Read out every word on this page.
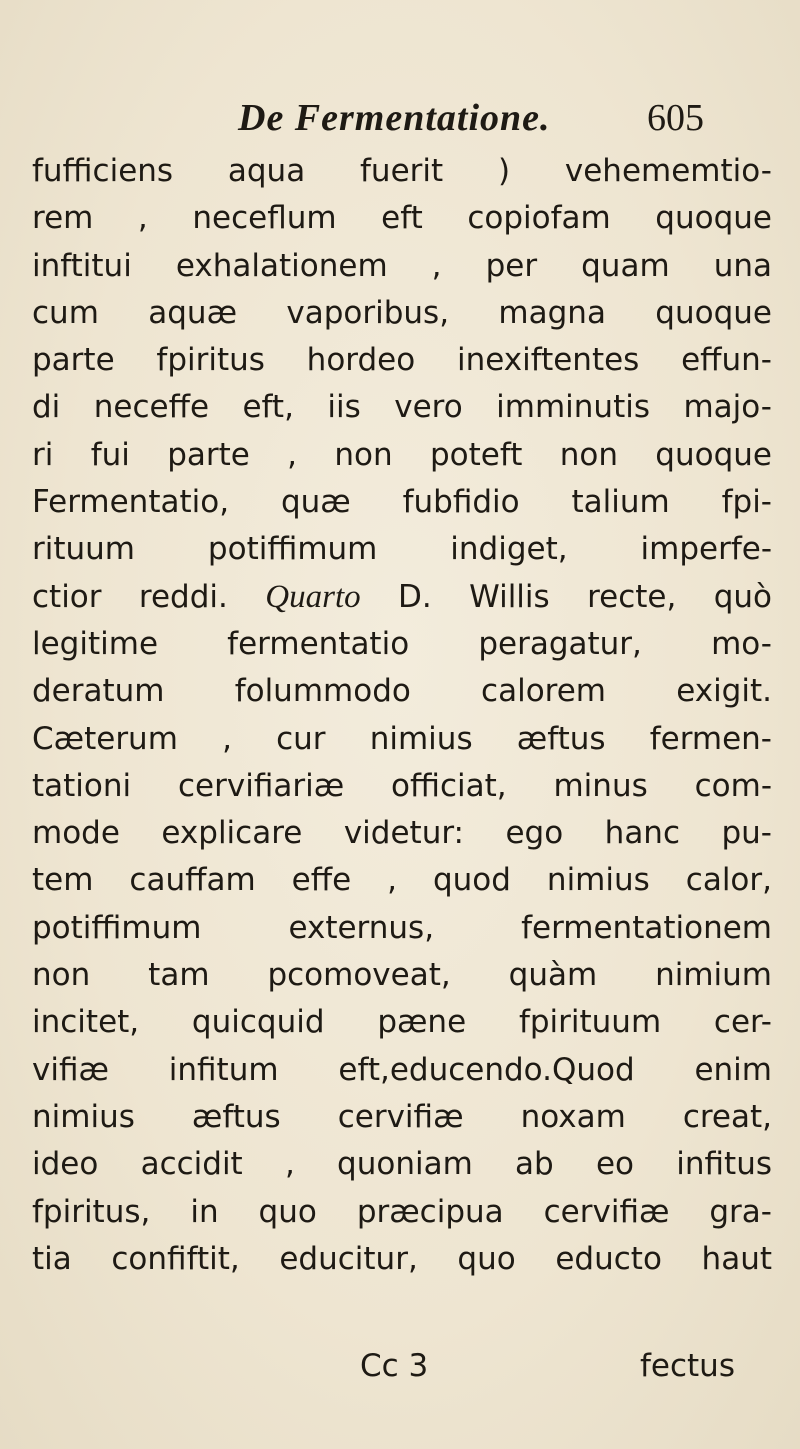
De Fermentatione.	605
fufficiens aqua fuerit ) vehememtio-
rem , neceflum eft copiofam quoque
inftitui exhalationem , per quam una
cum aquæ vaporibus, magna quoque
parte fpiritus hordeo inexiftentes effun-
di neceffe eft, iis vero imminutis majo-
ri fui parte , non poteft non quoque
Fermentatio, quæ fubfidio talium fpi-
rituum potiffimum indiget, imperfe-
ctior reddi. Quarto D. Willis recte, quò
legitime fermentatio peragatur, mo-
deratum folummodo calorem exigit.
Cæterum , cur nimius æftus fermen-
tationi cervifiariæ officiat, minus com-
mode explicare videtur: ego hanc pu-
tem cauffam effe , quod nimius calor,
potiffimum externus, fermentationem
non tam pcomoveat, quàm nimium
incitet, quicquid pæne fpirituum cer-
vifiæ infitum eft,educendo.Quod enim
nimius æftus cervifiæ noxam creat,
ideo accidit , quoniam ab eo infitus
fpiritus, in quo præcipua cervifiæ gra-
tia confiftit, educitur, quo educto haut
Cc 3	fectus
